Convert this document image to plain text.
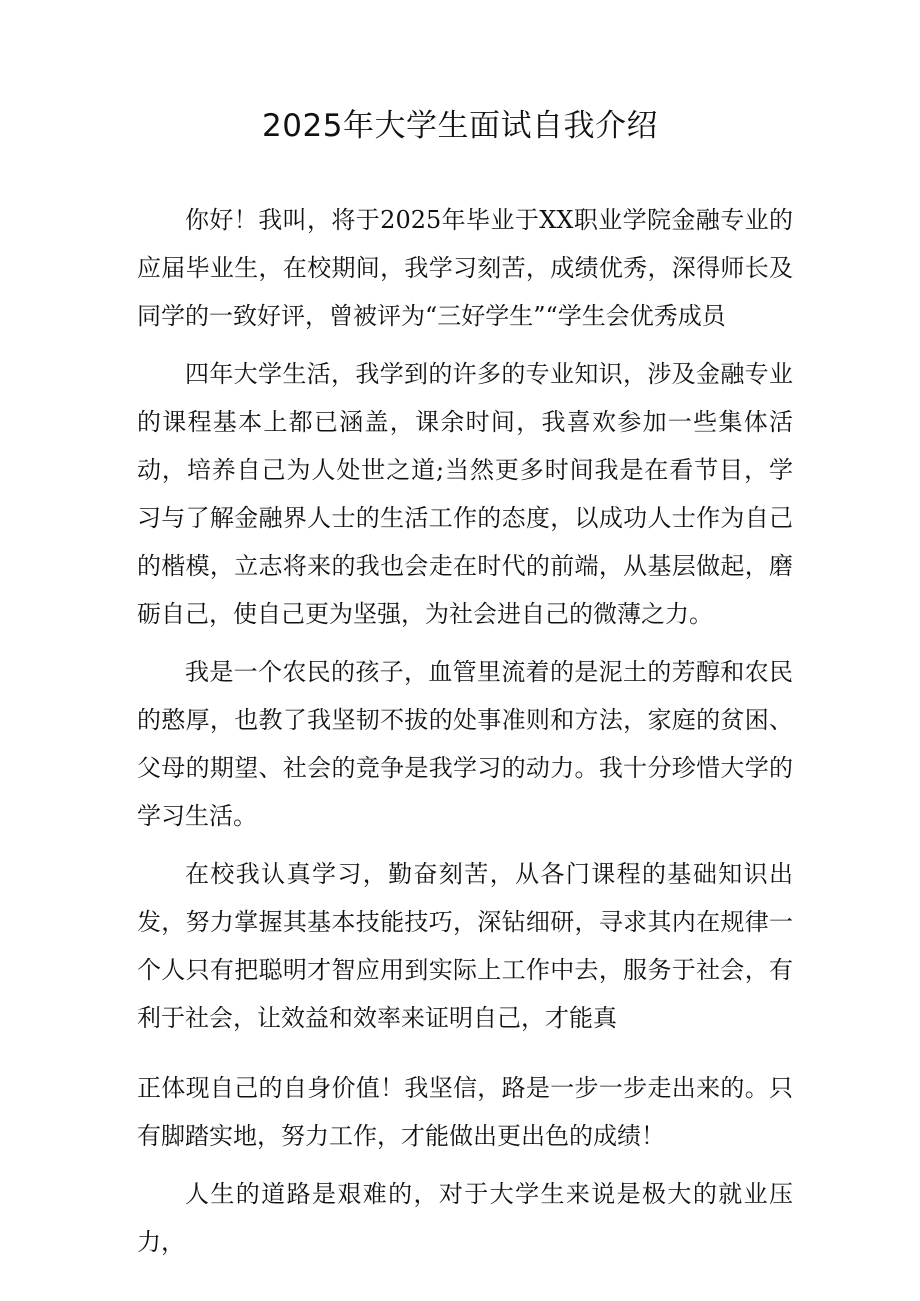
2025年大学生面试自我介绍

你好！我叫，将于2025年毕业于XX职业学院金融专业的应届毕业生，在校期间，我学习刻苦，成绩优秀，深得师长及同学的一致好评，曾被评为“三好学生”“学生会优秀成员

四年大学生活，我学到的许多的专业知识，涉及金融专业的课程基本上都已涵盖，课余时间，我喜欢参加一些集体活动，培养自己为人处世之道;当然更多时间我是在看节目，学习与了解金融界人士的生活工作的态度，以成功人士作为自己的楷模，立志将来的我也会走在时代的前端，从基层做起，磨砺自己，使自己更为坚强，为社会进自己的微薄之力。

我是一个农民的孩子，血管里流着的是泥土的芳醇和农民的憨厚，也教了我坚韧不拔的处事准则和方法，家庭的贫困、父母的期望、社会的竞争是我学习的动力。我十分珍惜大学的学习生活。

在校我认真学习，勤奋刻苦，从各门课程的基础知识出发，努力掌握其基本技能技巧，深钻细研，寻求其内在规律一个人只有把聪明才智应用到实际上工作中去，服务于社会，有利于社会，让效益和效率来证明自己，才能真

正体现自己的自身价值！我坚信，路是一步一步走出来的。只有脚踏实地，努力工作，才能做出更出色的成绩！

人生的道路是艰难的，对于大学生来说是极大的就业压力，
